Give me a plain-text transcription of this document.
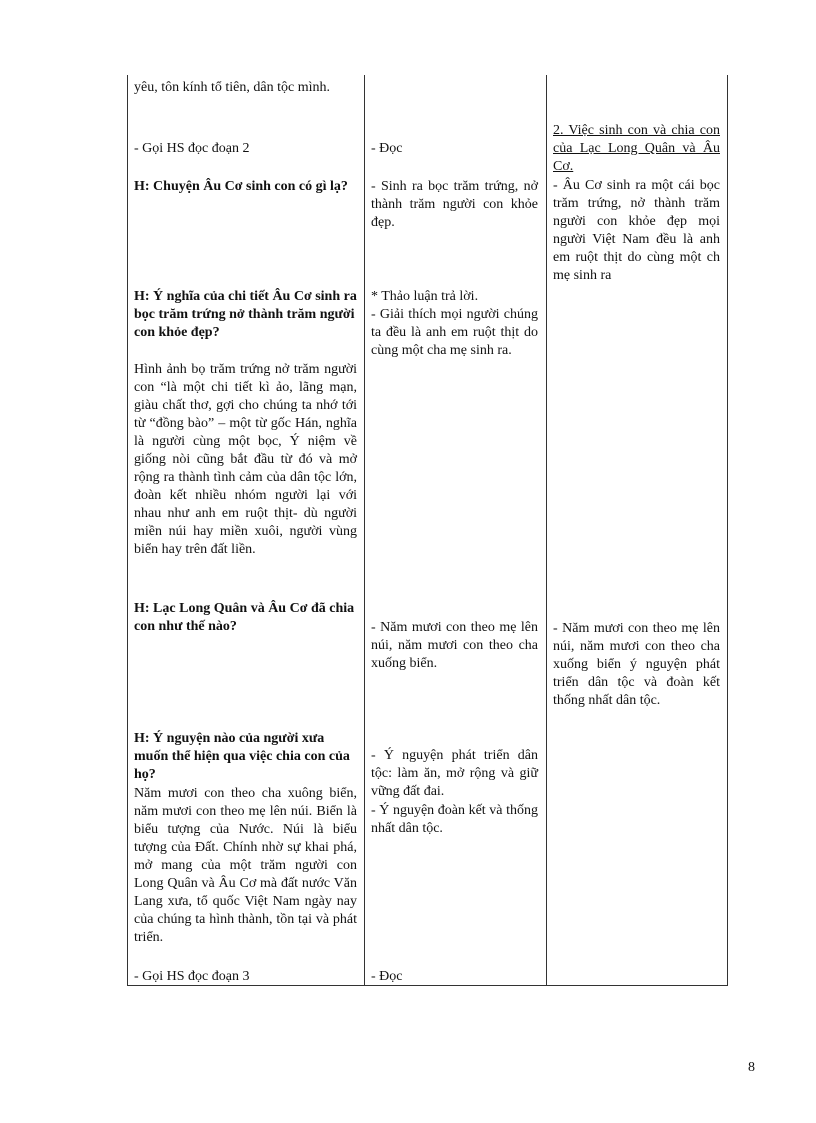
yêu, tôn kính tổ tiên, dân tộc mình.
- Gọi HS đọc đoạn 2
H: Chuyện Âu Cơ sinh con có gì lạ?
H: Ý nghĩa của chi tiết Âu Cơ sinh ra bọc trăm trứng nở thành trăm người con khỏe đẹp?
Hình ảnh bọ trăm trứng nở trăm người con “là một chi tiết kì ảo, lãng mạn, giàu chất thơ, gợi cho chúng ta nhớ tới từ “đồng bào” – một từ gốc Hán, nghĩa là người cùng một bọc, Ý niệm về giống nòi cũng bắt đầu từ đó và mở rộng ra thành tình cảm của dân tộc lớn, đoàn kết nhiều nhóm người lại với nhau như anh em ruột thịt- dù người miền núi hay miền xuôi, người vùng biển hay trên đất liền.
H: Lạc Long Quân và Âu Cơ đã chia con như thế nào?
H: Ý nguyện nào của người xưa muốn thể hiện qua việc chia con của họ?
Năm mươi con theo cha xuông biển, năm mươi con theo mẹ lên núi. Biển là biểu tượng của Nước. Núi là biểu tượng của Đất. Chính nhờ sự khai phá, mở mang của một trăm người con Long Quân và Âu Cơ mà đất nước Văn Lang xưa, tổ quốc Việt Nam ngày nay của chúng ta hình thành, tồn tại và phát triển.
- Gọi HS đọc đoạn 3
- Đọc
- Sinh ra bọc trăm trứng, nở thành trăm người con khỏe đẹp.
* Thảo luận trả lời.
- Giải thích mọi người chúng ta đều là anh em ruột thịt do cùng một cha mẹ sinh ra.
- Năm mươi con theo mẹ lên núi, năm mươi con theo cha xuống biển.
- Ý nguyện phát triển dân tộc: làm ăn, mở rộng và giữ vững đất đai.
- Ý nguyện đoàn kết và thống nhất dân tộc.
- Đọc
2. Việc sinh con và chia con của Lạc Long Quân và Âu Cơ.
- Âu Cơ sinh ra một cái bọc trăm trứng, nở thành trăm người con khỏe đẹp mọi người Việt Nam đều là anh em ruột thịt do cùng một ch mẹ sinh ra
- Năm mươi con theo mẹ lên núi, năm mươi con theo cha xuống biển ý nguyện phát triển dân tộc và đoàn kết thống nhất dân tộc.
8
